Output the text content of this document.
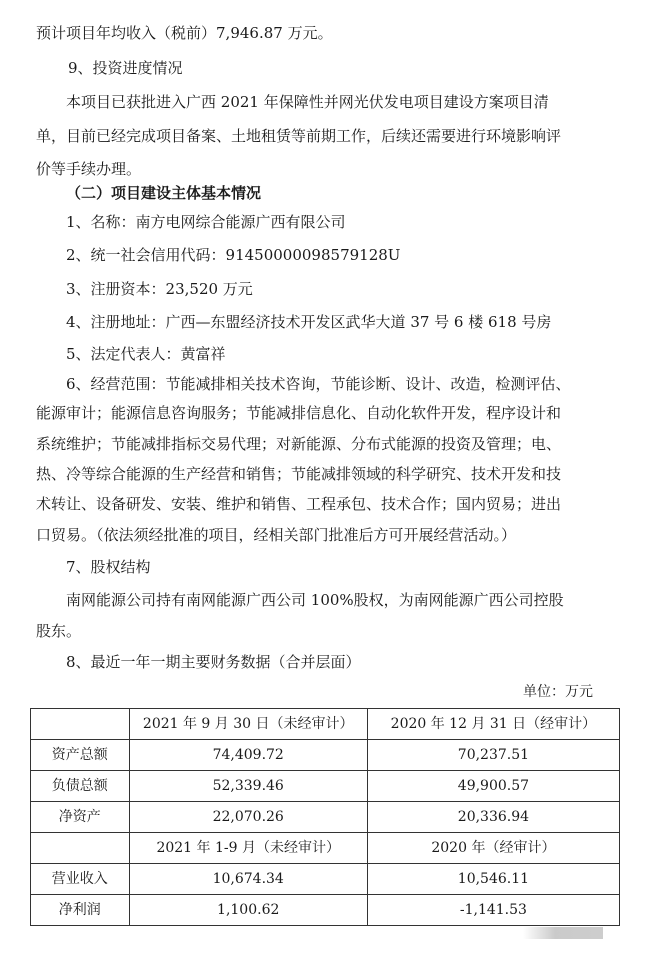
预计项目年均收入（税前）7,946.87 万元。
9、投资进度情况
本项目已获批进入广西 2021 年保障性并网光伏发电项目建设方案项目清
单，目前已经完成项目备案、土地租赁等前期工作，后续还需要进行环境影响评
价等手续办理。
（二）项目建设主体基本情况
1、名称：南方电网综合能源广西有限公司
2、统一社会信用代码：91450000098579128U
3、注册资本：23,520 万元
4、注册地址：广西—东盟经济技术开发区武华大道 37 号 6 楼 618 号房
5、法定代表人：黄富祥
6、经营范围：节能减排相关技术咨询，节能诊断、设计、改造，检测评估、
能源审计；能源信息咨询服务；节能减排信息化、自动化软件开发，程序设计和
系统维护；节能减排指标交易代理；对新能源、分布式能源的投资及管理；电、
热、冷等综合能源的生产经营和销售；节能减排领域的科学研究、技术开发和技
术转让、设备研发、安装、维护和销售、工程承包、技术合作；国内贸易；进出
口贸易。（依法须经批准的项目，经相关部门批准后方可开展经营活动。）
7、股权结构
南网能源公司持有南网能源广西公司 100%股权，为南网能源广西公司控股
股东。
8、最近一年一期主要财务数据（合并层面）
单位：万元
	2021 年 9 月 30 日（未经审计）	2020 年 12 月 31 日（经审计）
资产总额	74,409.72	70,237.51
负债总额	52,339.46	49,900.57
净资产	22,070.26	20,336.94
	2021 年 1-9 月（未经审计）	2020 年（经审计）
营业收入	10,674.34	10,546.11
净利润	1,100.62	-1,141.53
